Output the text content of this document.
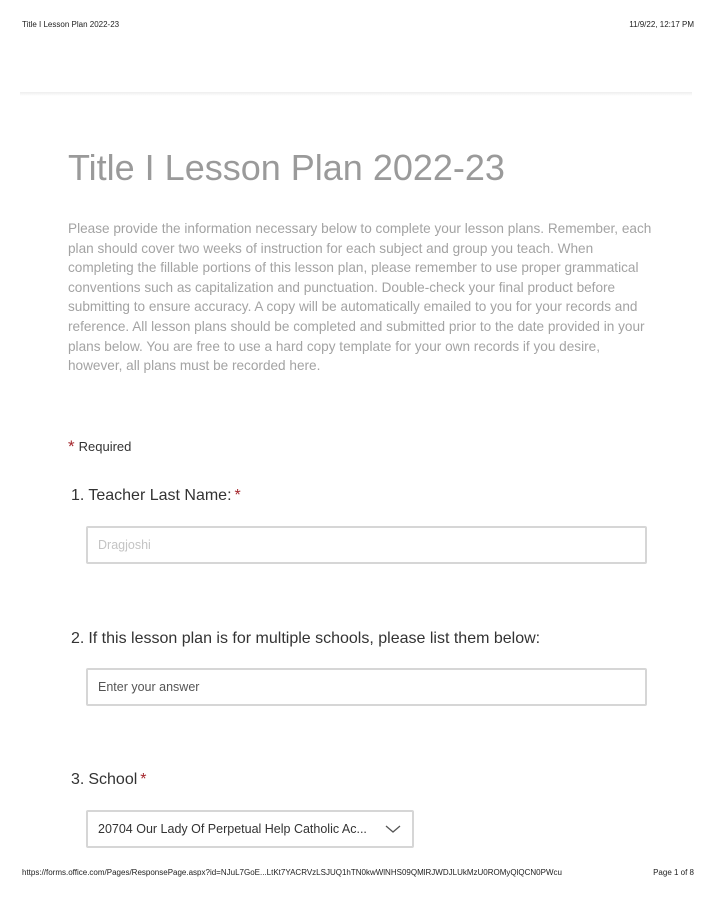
Title I Lesson Plan 2022-23	11/9/22, 12:17 PM
Title I Lesson Plan 2022-23
Please provide the information necessary below to complete your lesson plans. Remember, each plan should cover two weeks of instruction for each subject and group you teach. When completing the fillable portions of this lesson plan, please remember to use proper grammatical conventions such as capitalization and punctuation. Double-check your final product before submitting to ensure accuracy. A copy will be automatically emailed to you for your records and reference. All lesson plans should be completed and submitted prior to the date provided in your plans below. You are free to use a hard copy template for your own records if you desire, however, all plans must be recorded here.
* Required
1. Teacher Last Name: *
Dragjoshi
2. If this lesson plan is for multiple schools, please list them below:
Enter your answer
3. School *
20704 Our Lady Of Perpetual Help Catholic Ac...
https://forms.office.com/Pages/ResponsePage.aspx?id=NJuL7GoE...LtKt7YACRVzLSJUQ1hTN0kwWlNHS09QMlRJWDJLUkMzU0ROMyQlQCN0PWcu	Page 1 of 8
